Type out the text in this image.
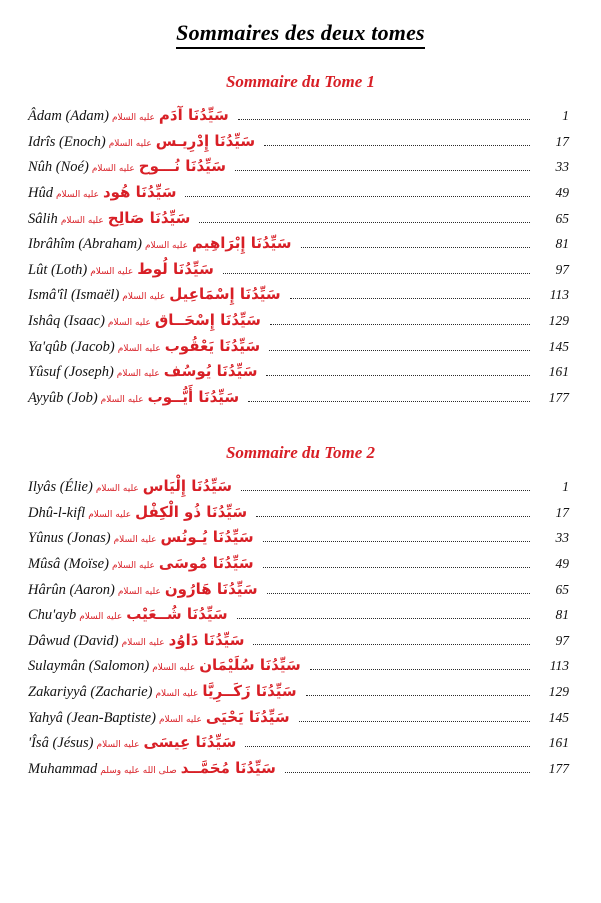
Sommaires des deux tomes
Sommaire du Tome 1
Âdam (Adam) عليه السلام سَيِّدُنَا آدَم	1
Idrîs (Enoch) عليه السلام سَيِّدُنَا إِدْرِيـس	17
Nûh (Noé) عليه السلام سَيِّدُنَا نُـــوح	33
Hûd عليه السلام سَيِّدُنَا هُود	49
Sâlih عليه السلام سَيِّدُنَا صَالِح	65
Ibrâhîm (Abraham) عليه السلام سَيِّدُنَا إِبْرَاهِيم	81
Lût (Loth) عليه السلام سَيِّدُنَا لُوط	97
Ismâ'îl (Ismaël) عليه السلام سَيِّدُنَا إِسْمَاعِيل	113
Ishâq (Isaac) عليه السلام سَيِّدُنَا إِسْحَــاق	129
Ya'qûb (Jacob) عليه السلام سَيِّدُنَا يَعْقُوب	145
Yûsuf (Joseph) عليه السلام سَيِّدُنَا يُوسُف	161
Ayyûb (Job) عليه السلام سَيِّدُنَا أَيُّــوب	177
Sommaire du Tome 2
Ilyâs (Élie) عليه السلام سَيِّدُنَا إِلْيَاس	1
Dhû-l-kifl عليه السلام سَيِّدُنَا ذُو الْكِفْل	17
Yûnus (Jonas) عليه السلام سَيِّدُنَا يُـونُس	33
Mûsâ (Moïse) عليه السلام سَيِّدُنَا مُوسَى	49
Hârûn (Aaron) عليه السلام سَيِّدُنَا هَارُون	65
Chu'ayb عليه السلام سَيِّدُنَا شُــعَيْب	81
Dâwud (David) عليه السلام سَيِّدُنَا دَاوُد	97
Sulaymân (Salomon) عليه السلام سَيِّدُنَا سُلَيْمَان	113
Zakariyyâ (Zacharie) عليه السلام سَيِّدُنَا زَكَــرِيَّا	129
Yahyâ (Jean-Baptiste) عليه السلام سَيِّدُنَا يَحْيَى	145
'Îsâ (Jésus) عليه السلام سَيِّدُنَا عِيسَى	161
Muhammad صلى الله عليه وسلم سَيِّدُنَا مُحَمَّــد	177
